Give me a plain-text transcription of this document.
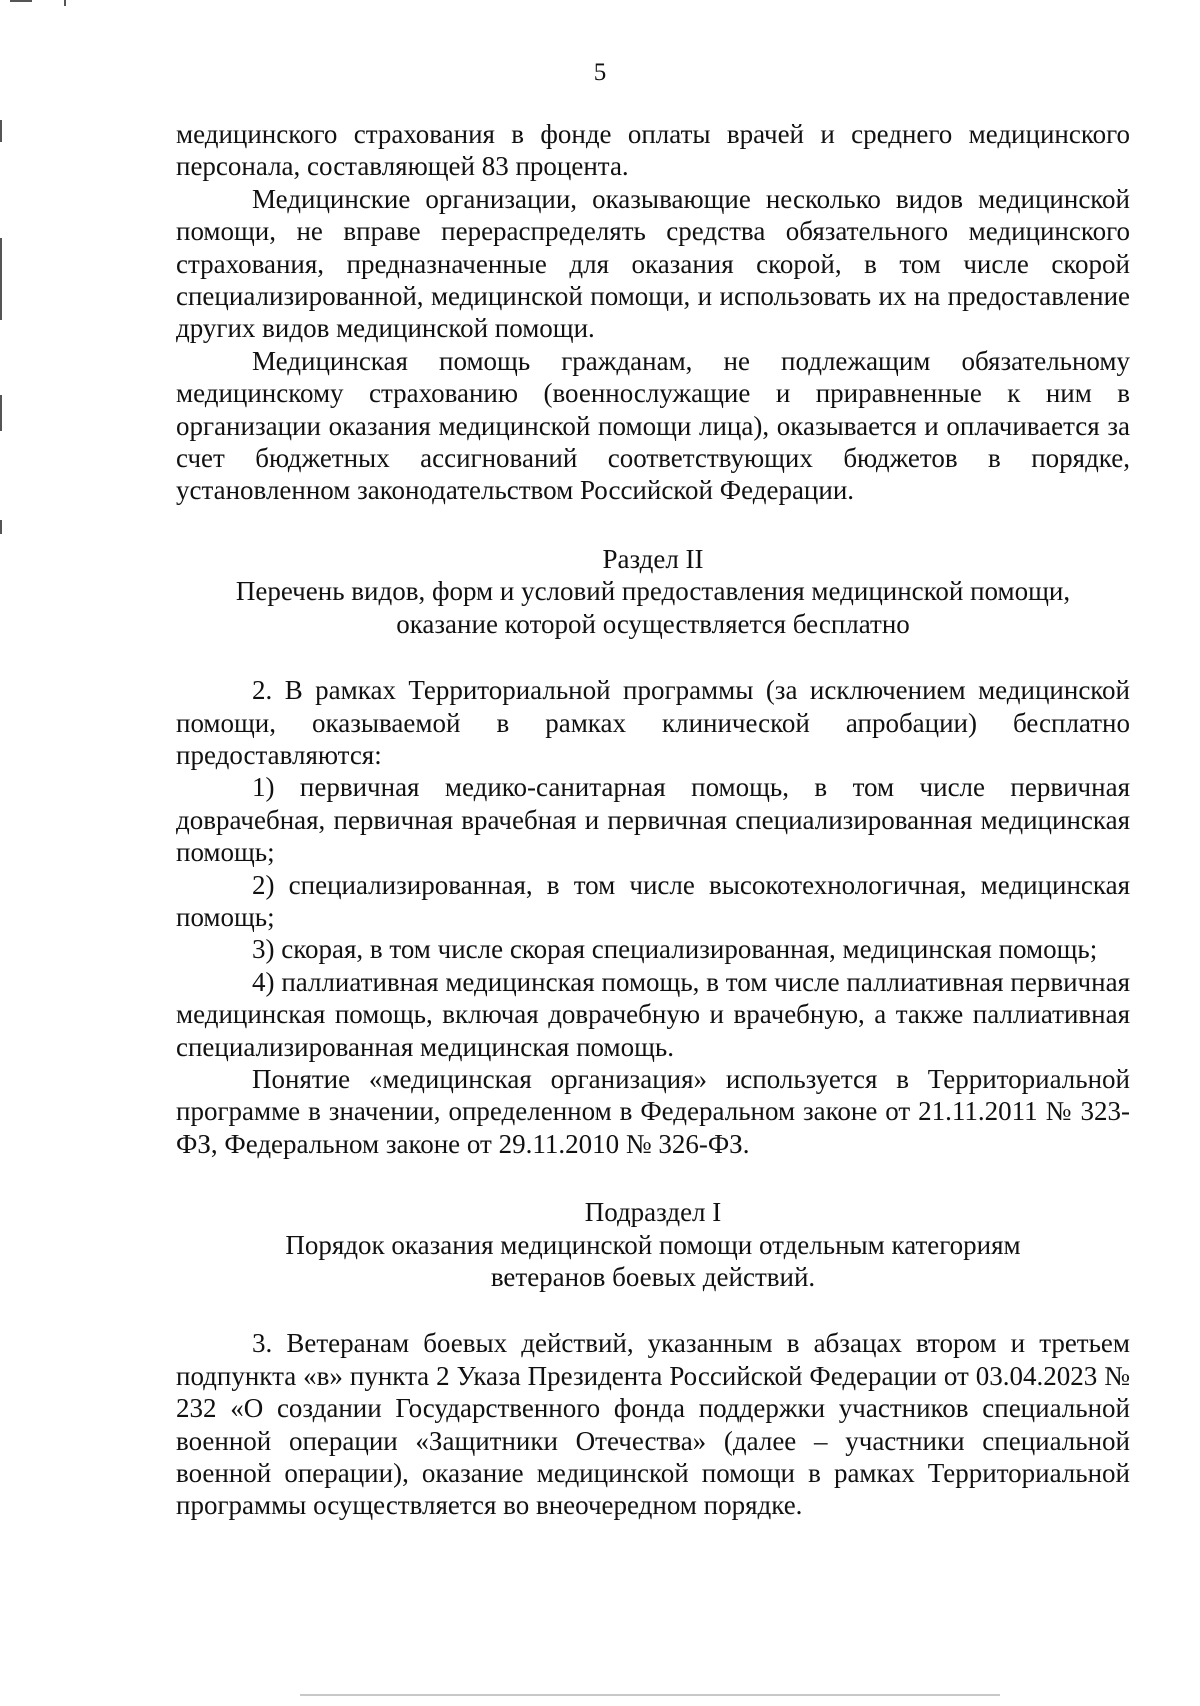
5

медицинского страхования в фонде оплаты врачей и среднего медицинского персонала, составляющей 83 процента.

Медицинские организации, оказывающие несколько видов медицинской помощи, не вправе перераспределять средства обязательного медицинского страхования, предназначенные для оказания скорой, в том числе скорой специализированной, медицинской помощи, и использовать их на предоставление других видов медицинской помощи.

Медицинская помощь гражданам, не подлежащим обязательному медицинскому страхованию (военнослужащие и приравненные к ним в организации оказания медицинской помощи лица), оказывается и оплачивается за счет бюджетных ассигнований соответствующих бюджетов в порядке, установленном законодательством Российской Федерации.

Раздел II

Перечень видов, форм и условий предоставления медицинской помощи,

оказание которой осуществляется бесплатно

2. В рамках Территориальной программы (за исключением медицинской помощи, оказываемой в рамках клинической апробации) бесплатно предоставляются:

1) первичная медико-санитарная помощь, в том числе первичная доврачебная, первичная врачебная и первичная специализированная медицинская помощь;

2) специализированная, в том числе высокотехнологичная, медицинская помощь;

3) скорая, в том числе скорая специализированная, медицинская помощь;

4) паллиативная медицинская помощь, в том числе паллиативная первичная медицинская помощь, включая доврачебную и врачебную, а также паллиативная специализированная медицинская помощь.

Понятие «медицинская организация» используется в Территориальной программе в значении, определенном в Федеральном законе от 21.11.2011 № 323-ФЗ, Федеральном законе от 29.11.2010 № 326-ФЗ.

Подраздел I

Порядок оказания медицинской помощи отдельным категориям

ветеранов боевых действий.

3. Ветеранам боевых действий, указанным в абзацах втором и третьем подпункта «в» пункта 2 Указа Президента Российской Федерации от 03.04.2023 № 232 «О создании Государственного фонда поддержки участников специальной военной операции «Защитники Отечества» (далее – участники специальной военной операции), оказание медицинской помощи в рамках Территориальной программы осуществляется во внеочередном порядке.
